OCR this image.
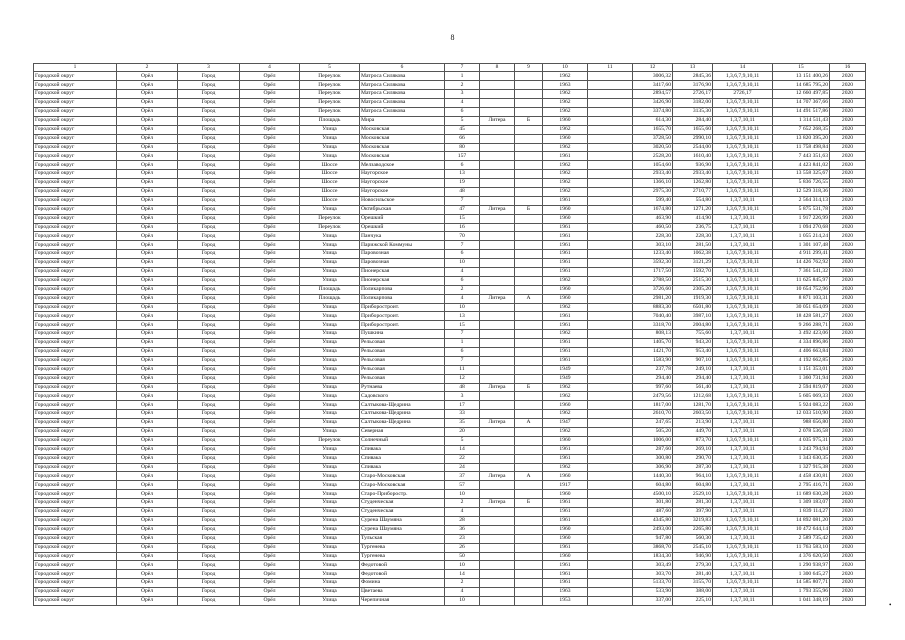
8
1	2	3	4	5	6	7	8	9	10	11	12	13	14	15	16
Городской округ	Орёл	Город	Орёл	Переулок	Матроса Силякова	1			1962		3006,32	2845,36	1,3,6,7,9,10,11	13 151 400,26	2020
Городской округ	Орёл	Город	Орёл	Переулок	Матроса Силякова	2			1963		3417,60	3176,90	1,3,6,7,9,10,11	14 685 795,20	2020
Городской округ	Орёл	Город	Орёл	Переулок	Матроса Силякова	3			1962		2894,57	2726,17	2726,17	12 660 497,85	2020
Городской округ	Орёл	Город	Орёл	Переулок	Матроса Силякова	4			1962		3426,90	3182,00	1,3,6,7,9,10,11	14 707 367,66	2020
Городской округ	Орёл	Город	Орёл	Переулок	Матроса Силякова	6			1962		3374,80	3135,30	1,3,6,7,9,10,11	14 491 517,86	2020
Городской округ	Орёл	Город	Орёл	Площадь	Мира	5	Литера	Б	1960		614,30	284,40	1,3,7,10,11	1 314 511,43	2020
Городской округ	Орёл	Город	Орёл	Улица	Московская	45			1962		1655,70	1655,60	1,3,6,7,9,10,11	7 652 268,35	2020
Городской округ	Орёл	Город	Орёл	Улица	Московская	66			1960		3728,50	2990,10	1,3,6,7,9,10,11	13 820 395,20	2020
Городской округ	Орёл	Город	Орёл	Улица	Московская	80			1962		3020,50	2544,00	1,3,6,7,9,10,11	11 758 498,84	2020
Городской округ	Орёл	Город	Орёл	Улица	Московская	157			1961		2528,20	1610,40	1,3,6,7,9,10,11	7 443 351,63	2020
Городской округ	Орёл	Город	Орёл	Шоссе	Мелзаводское	6			1962		1054,60	936,90	1,3,6,7,9,10,11	4 423 841,02	2020
Городской округ	Орёл	Город	Орёл	Шоссе	Наугорское	13			1962		2933,40	2933,40	1,3,6,7,9,10,11	13 558 325,67	2020
Городской округ	Орёл	Город	Орёл	Шоссе	Наугорское	19			1962		1366,10	1262,80	1,3,6,7,9,10,11	5 836 726,55	2020
Городской округ	Орёл	Город	Орёл	Шоссе	Наугорское	48			1962		2975,30	2710,77	1,3,6,7,9,10,11	12 529 318,36	2020
Городской округ	Орёл	Город	Орёл	Шоссе	Новосильское	7			1961		599,40	554,80	1,3,7,10,11	2 564 314,13	2020
Городской округ	Орёл	Город	Орёл	Улица	Октябрьская	47	Литера	Б	1960		1674,80	1271,20	1,3,6,7,9,10,11	5 875 531,78	2020
Городской округ	Орёл	Город	Орёл	Переулок	Орешкий	15			1960		463,90	414,90	1,3,7,10,11	1 917 226,99	2020
Городской округ	Орёл	Город	Орёл	Переулок	Орешкий	16			1961		460,50	236,75	1,3,7,10,11	1 094 270,68	2020
Городской округ	Орёл	Город	Орёл	Улица	Панчука	70			1961		228,30	228,30	1,3,7,10,11	1 055 214,24	2020
Городской округ	Орёл	Город	Орёл	Улица	Парижской Коммуны	7			1961		303,10	281,50	1,3,7,10,11	1 301 107,48	2020
Городской округ	Орёл	Город	Орёл	Улица	Паровозная	6			1961		1233,40	1062,38	1,3,6,7,9,10,11	4 911 299,41	2020
Городской округ	Орёл	Город	Орёл	Улица	Паровозная	10			1961		3592,30	3121,29	1,3,6,7,9,10,11	14 426 762,92	2020
Городской округ	Орёл	Город	Орёл	Улица	Пионерская	4			1961		1717,50	1592,70	1,3,6,7,9,10,11	7 361 541,32	2020
Городской округ	Орёл	Город	Орёл	Улица	Пионерская	6			1962		2788,50	2515,30	1,3,6,7,9,10,11	11 625 845,97	2020
Городской округ	Орёл	Город	Орёл	Площадь	Поликарпова	2			1960		3726,60	2305,20	1,3,6,7,9,10,11	10 654 752,96	2020
Городской округ	Орёл	Город	Орёл	Площадь	Поликарпова	4	Литера	А	1960		2981,20	1919,30	1,3,6,7,9,10,11	8 871 103,31	2020
Городской округ	Орёл	Город	Орёл	Улица	Приборостроит.	10			1962		8883,30	6501,80	1,3,6,7,9,10,11	30 051 654,09	2020
Городской округ	Орёл	Город	Орёл	Улица	Приборостроит.	13			1961		7040,40	3987,10	1,3,6,7,9,10,11	18 428 581,27	2020
Городской округ	Орёл	Город	Орёл	Улица	Приборостроит.	15			1961		3318,70	2004,80	1,3,6,7,9,10,11	9 266 288,71	2020
Городской округ	Орёл	Город	Орёл	Улица	Пушкина	7			1962		808,13	755,60	1,3,7,10,11	3 492 423,06	2020
Городской округ	Орёл	Город	Орёл	Улица	Рельсовая	1			1961		1405,70	943,20	1,3,6,7,9,10,11	4 334 896,86	2020
Городской округ	Орёл	Город	Орёл	Улица	Рельсовая	6			1961		1421,70	953,40	1,3,6,7,9,10,11	4 406 663,84	2020
Городской округ	Орёл	Город	Орёл	Улица	Рельсовая	7			1961		1583,90	907,10	1,3,6,7,9,10,11	4 192 662,85	2020
Городской округ	Орёл	Город	Орёл	Улица	Рельсовая	11			1949		237,78	249,10	1,3,7,10,11	1 151 353,01	2020
Городской округ	Орёл	Город	Орёл	Улица	Рельсовая	12			1949		294,40	294,40	1,3,7,10,11	1 360 731,94	2020
Городской округ	Орёл	Город	Орёл	Улица	Рутнаева	48	Литера	Б	1962		997,60	561,40	1,3,7,10,11	2 594 819,07	2020
Городской округ	Орёл	Город	Орёл	Улица	Садовского	3			1962		2479,56	1212,68	1,3,6,7,9,10,11	5 605 069,33	2020
Городской округ	Орёл	Город	Орёл	Улица	Салтыкова-Щедрина	17			1960		1817,00	1281,70	1,3,6,7,9,10,11	5 924 083,22	2020
Городской округ	Орёл	Город	Орёл	Улица	Салтыкова-Щедрина	33			1962		2610,70	2603,50	1,3,6,7,9,10,11	12 033 510,90	2020
Городской округ	Орёл	Город	Орёл	Улица	Салтыкова-Щедрина	35	Литера	А	1947		247,65	213,90	1,3,7,10,11	988 656,80	2020
Городской округ	Орёл	Город	Орёл	Улица	Северная	20			1962		505,20	449,70	1,3,7,10,11	2 078 536,58	2020
Городской округ	Орёл	Город	Орёл	Переулок	Солнечный	5			1960		1006,00	873,70	1,3,6,7,9,10,11	4 035 975,31	2020
Городской округ	Орёл	Город	Орёл	Улица	Спивака	14			1961		287,60	269,10	1,3,7,10,11	1 243 794,94	2020
Городской округ	Орёл	Город	Орёл	Улица	Спивака	22			1961		300,80	290,70	1,3,7,10,11	1 343 630,35	2020
Городской округ	Орёл	Город	Орёл	Улица	Спивака	24			1962		306,90	287,30	1,3,7,10,11	1 327 915,38	2020
Городской округ	Орёл	Город	Орёл	Улица	Старо-Московская	37	Литера	А	1960		1440,30	964,10	1,3,6,7,9,10,11	4 458 430,81	2020
Городской округ	Орёл	Город	Орёл	Улица	Старо-Московская	57			1917		604,80	604,80	1,3,7,10,11	2 795 416,71	2020
Городской округ	Орёл	Город	Орёл	Улица	Старо-Приборостр.	10			1960		4500,10	2529,10	1,3,6,7,9,10,11	11 689 630,28	2020
Городской округ	Орёл	Город	Орёл	Улица	Студенческая	2	Литера	Б	1961		301,80	281,30	1,3,7,10,11	1 309 183,07	2020
Городской округ	Орёл	Город	Орёл	Улица	Студенческая	4			1961		487,60	397,90	1,3,7,10,11	1 839 114,27	2020
Городской округ	Орёл	Город	Орёл	Улица	Сурена Шаумяна	28			1961		4345,80	3219,83	1,3,6,7,9,10,11	14 892 081,20	2020
Городской округ	Орёл	Город	Орёл	Улица	Сурена Шаумяна	36			1960		2493,00	2265,80	1,3,6,7,9,10,11	10 472 644,14	2020
Городской округ	Орёл	Город	Орёл	Улица	Тульская	23			1960		947,80	560,30	1,3,7,10,11	2 589 735,42	2020
Городской округ	Орёл	Город	Орёл	Улица	Тургенева	26			1961		3868,70	2545,10	1,3,6,7,9,10,11	11 763 583,10	2020
Городской округ	Орёл	Город	Орёл	Улица	Тургенева	50			1960		1834,30	946,90	1,3,6,7,9,10,11	4 376 620,50	2020
Городской округ	Орёл	Город	Орёл	Улица	Федотовой	10			1961		303,49	279,30	1,3,7,10,11	1 290 938,97	2020
Городской округ	Орёл	Город	Орёл	Улица	Федотовой	14			1961		303,70	281,40	1,3,7,10,11	1 300 645,27	2020
Городской округ	Орёл	Город	Орёл	Улица	Фомина	2			1961		5133,70	3155,70	1,3,6,7,9,10,11	14 585 807,71	2020
Городской округ	Орёл	Город	Орёл	Улица	Цветаева	4			1963		533,90	388,00	1,3,7,10,11	1 793 355,96	2020
Городской округ	Орёл	Город	Орёл	Улица	Черепичная	10			1953		337,00	225,10	1,3,7,10,11	1 041 348,19	2020
•
